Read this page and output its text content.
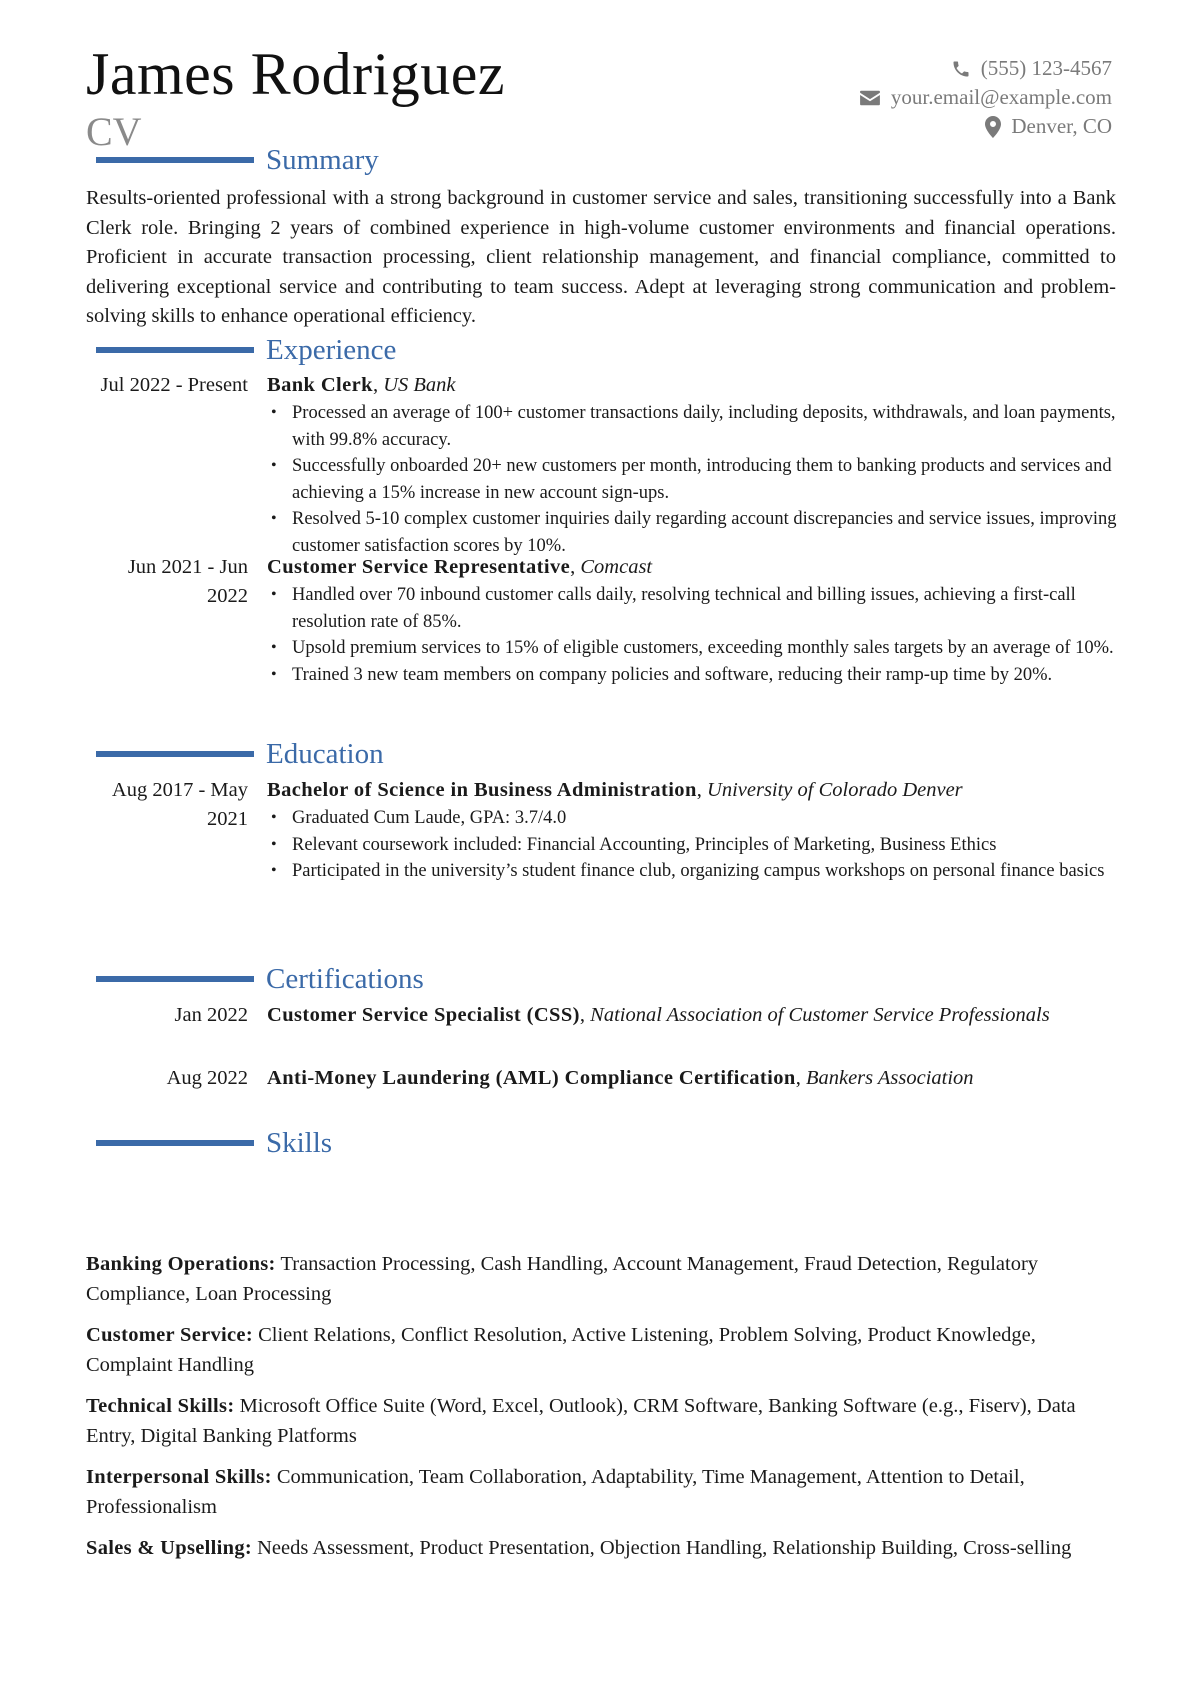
James Rodriguez
CV
(555) 123-4567
your.email@example.com
Denver, CO
Summary
Results-oriented professional with a strong background in customer service and sales, transitioning successfully into a Bank Clerk role. Bringing 2 years of combined experience in high-volume customer environments and financial operations. Proficient in accurate transaction processing, client relationship management, and financial compliance, committed to delivering exceptional service and contributing to team success. Adept at leveraging strong communication and problem-solving skills to enhance operational efficiency.
Experience
Jul 2022 - Present Bank Clerk, US Bank
• Processed an average of 100+ customer transactions daily, including deposits, withdrawals, and loan payments, with 99.8% accuracy.
• Successfully onboarded 20+ new customers per month, introducing them to banking products and services and achieving a 15% increase in new account sign-ups.
• Resolved 5-10 complex customer inquiries daily regarding account discrepancies and service issues, improving customer satisfaction scores by 10%.
Jun 2021 - Jun 2022
Customer Service Representative, Comcast
• Handled over 70 inbound customer calls daily, resolving technical and billing issues, achieving a first-call resolution rate of 85%.
• Upsold premium services to 15% of eligible customers, exceeding monthly sales targets by an average of 10%.
• Trained 3 new team members on company policies and software, reducing their ramp-up time by 20%.
Education
Aug 2017 - May 2021
Bachelor of Science in Business Administration, University of Colorado Denver
• Graduated Cum Laude, GPA: 3.7/4.0
• Relevant coursework included: Financial Accounting, Principles of Marketing, Business Ethics
• Participated in the university’s student finance club, organizing campus workshops on personal finance basics
Certifications
Jan 2022 Customer Service Specialist (CSS), National Association of Customer Service Professionals
Aug 2022 Anti-Money Laundering (AML) Compliance Certification, Bankers Association
Skills
Banking Operations: Transaction Processing, Cash Handling, Account Management, Fraud Detection, Regulatory Compliance, Loan Processing
Customer Service: Client Relations, Conflict Resolution, Active Listening, Problem Solving, Product Knowledge, Complaint Handling
Technical Skills: Microsoft Office Suite (Word, Excel, Outlook), CRM Software, Banking Software (e.g., Fiserv), Data Entry, Digital Banking Platforms
Interpersonal Skills: Communication, Team Collaboration, Adaptability, Time Management, Attention to Detail, Professionalism
Sales & Upselling: Needs Assessment, Product Presentation, Objection Handling, Relationship Building, Cross-selling
